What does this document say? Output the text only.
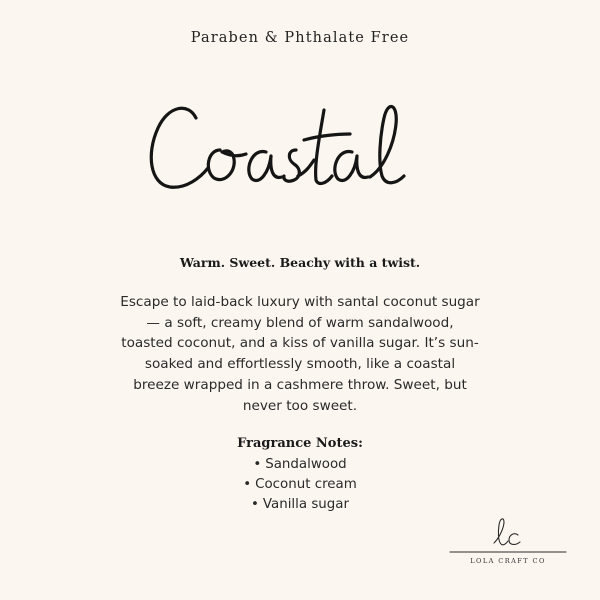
Paraben & Phthalate Free
Coastal
Warm. Sweet. Beachy with a twist.

Escape to laid-back luxury with santal coconut sugar — a soft, creamy blend of warm sandalwood, toasted coconut, and a kiss of vanilla sugar. It’s sun-soaked and effortlessly smooth, like a coastal breeze wrapped in a cashmere throw. Sweet, but never too sweet.

Fragrance Notes:
• Sandalwood
• Coconut cream
• Vanilla sugar
lc
LOLA CRAFT CO
